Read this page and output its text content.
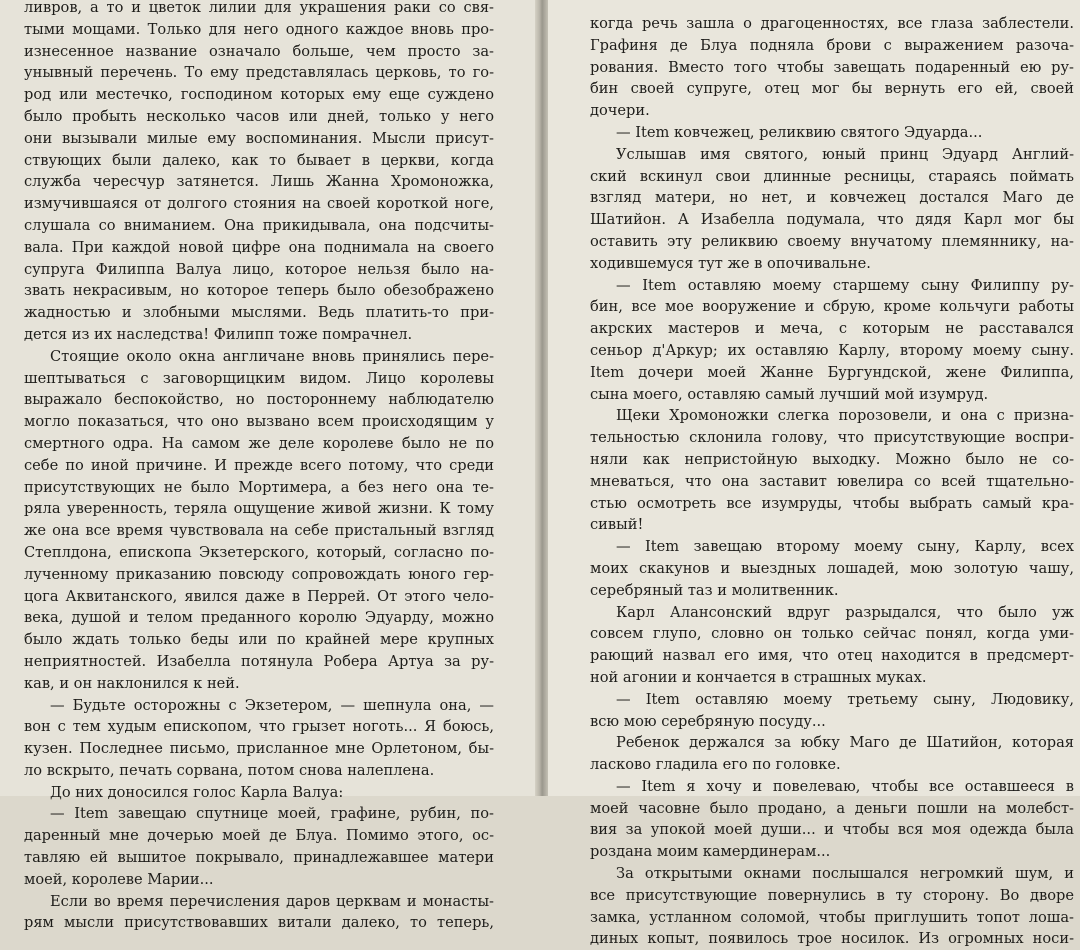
ливров, а то и цветок лилии для украшения раки со свя-
тыми мощами. Только для него одного каждое вновь про-
изнесенное название означало больше, чем просто за-
унывный перечень. То ему представлялась церковь, то го-
род или местечко, господином которых ему еще суждено
было пробыть несколько часов или дней, только у него
они вызывали милые ему воспоминания. Мысли присут-
ствующих были далеко, как то бывает в церкви, когда
служба чересчур затянется. Лишь Жанна Хромоножка,
измучившаяся от долгого стояния на своей короткой ноге,
слушала со вниманием. Она прикидывала, она подсчиты-
вала. При каждой новой цифре она поднимала на своего
супруга Филиппа Валуа лицо, которое нельзя было на-
звать некрасивым, но которое теперь было обезображено
жадностью и злобными мыслями. Ведь платить-то при-
дется из их наследства! Филипп тоже помрачнел.
Стоящие около окна англичане вновь принялись пере-
шептываться с заговорщицким видом. Лицо королевы
выражало беспокойство, но постороннему наблюдателю
могло показаться, что оно вызвано всем происходящим у
смертного одра. На самом же деле королеве было не по
себе по иной причине. И прежде всего потому, что среди
присутствующих не было Мортимера, а без него она те-
ряла уверенность, теряла ощущение живой жизни. К тому
же она все время чувствовала на себе пристальный взгляд
Степлдона, епископа Экзетерского, который, согласно по-
лученному приказанию повсюду сопровождать юного гер-
цога Аквитанского, явился даже в Перрей. От этого чело-
века, душой и телом преданного королю Эдуарду, можно
было ждать только беды или по крайней мере крупных
неприятностей. Изабелла потянула Робера Артуа за ру-
кав, и он наклонился к ней.
— Будьте осторожны с Экзетером, — шепнула она, —
вон с тем худым епископом, что грызет ноготь... Я боюсь,
кузен. Последнее письмо, присланное мне Орлетоном, бы-
ло вскрыто, печать сорвана, потом снова налеплена.
До них доносился голос Карла Валуа:
— Item завещаю спутнице моей, графине, рубин, по-
даренный мне дочерью моей де Блуа. Помимо этого, ос-
тавляю ей вышитое покрывало, принадлежавшее матери
моей, королеве Марии...
Если во время перечисления даров церквам и монасты-
рям мысли присутствовавших витали далеко, то теперь,
когда речь зашла о драгоценностях, все глаза заблестели.
Графиня де Блуа подняла брови с выражением разоча-
рования. Вместо того чтобы завещать подаренный ею ру-
бин своей супруге, отец мог бы вернуть его ей, своей
дочери.
— Item ковчежец, реликвию святого Эдуарда...
Услышав имя святого, юный принц Эдуард Англий-
ский вскинул свои длинные ресницы, стараясь поймать
взгляд матери, но нет, и ковчежец достался Маго де
Шатийон. А Изабелла подумала, что дядя Карл мог бы
оставить эту реликвию своему внучатому племяннику, на-
ходившемуся тут же в опочивальне.
— Item оставляю моему старшему сыну Филиппу ру-
бин, все мое вооружение и сбрую, кроме кольчуги работы
акрских мастеров и меча, с которым не расставался
сеньор д'Аркур; их оставляю Карлу, второму моему сыну.
Item дочери моей Жанне Бургундской, жене Филиппа,
сына моего, оставляю самый лучший мой изумруд.
Щеки Хромоножки слегка порозовели, и она с призна-
тельностью склонила голову, что присутствующие воспри-
няли как непристойную выходку. Можно было не со-
мневаться, что она заставит ювелира со всей тщательно-
стью осмотреть все изумруды, чтобы выбрать самый кра-
сивый!
— Item завещаю второму моему сыну, Карлу, всех
моих скакунов и выездных лошадей, мою золотую чашу,
серебряный таз и молитвенник.
Карл Алансонский вдруг разрыдался, что было уж
совсем глупо, словно он только сейчас понял, когда уми-
рающий назвал его имя, что отец находится в предсмерт-
ной агонии и кончается в страшных муках.
— Item оставляю моему третьему сыну, Людовику,
всю мою серебряную посуду...
Ребенок держался за юбку Маго де Шатийон, которая
ласково гладила его по головке.
— Item я хочу и повелеваю, чтобы все оставшееся в
моей часовне было продано, а деньги пошли на молебст-
вия за упокой моей души... и чтобы вся моя одежда была
роздана моим камердинерам...
За открытыми окнами послышался негромкий шум, и
все присутствующие повернулись в ту сторону. Во дворе
замка, устланном соломой, чтобы приглушить топот лоша-
диных копыт, появилось трое носилок. Из огромных носи-
